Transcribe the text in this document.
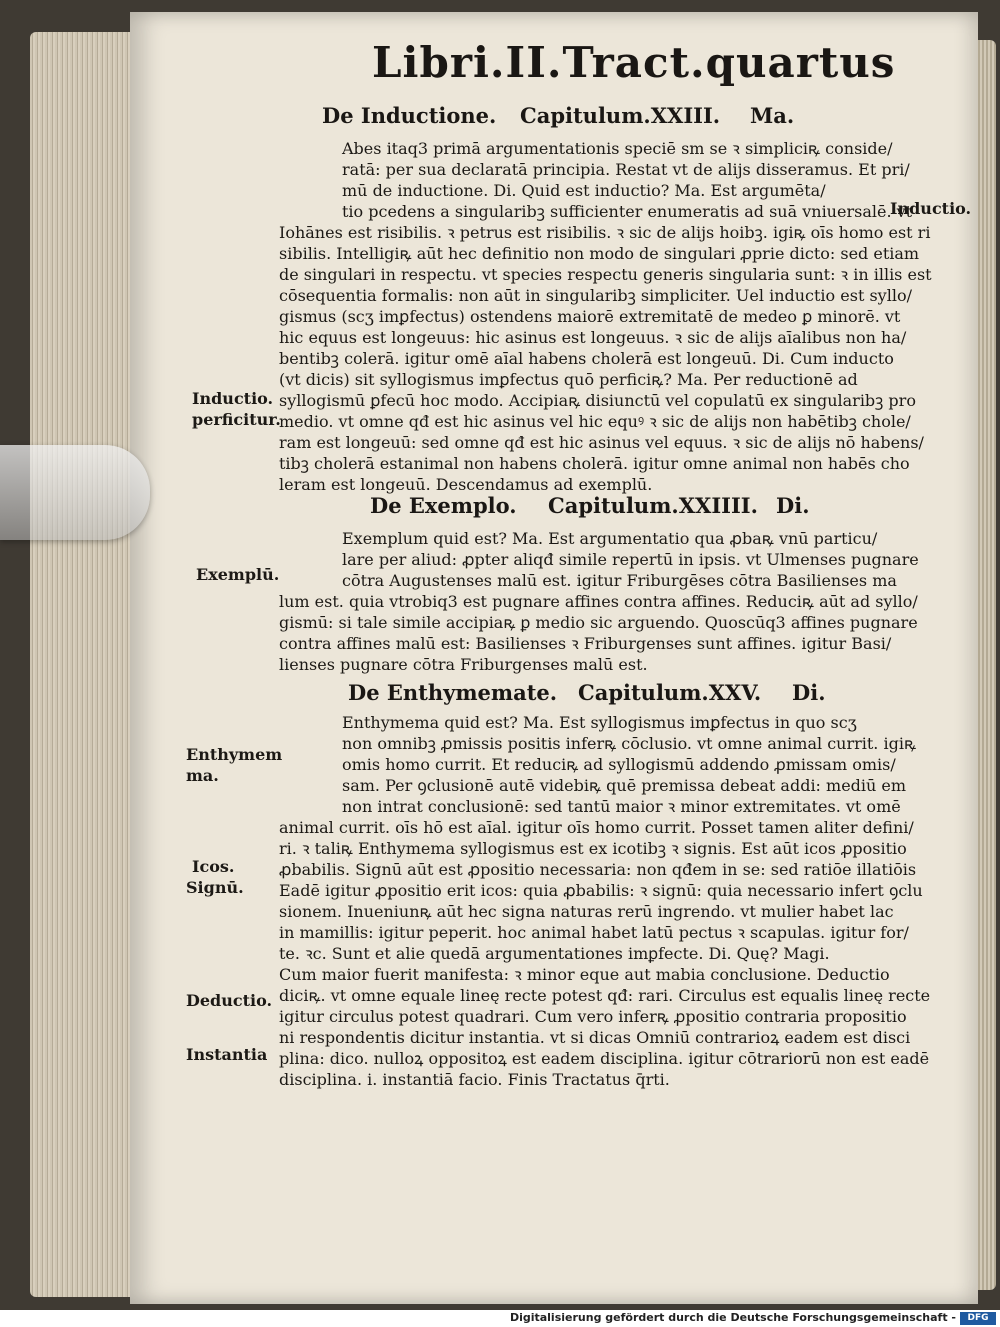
Libri.II.Tract.quartus
De Inductione. Capitulum.XXIII. Ma.
De Exemplo. Capitulum.XXIIII. Di.
De Enthymemate. Capitulum.XXV. Di.
Abes itaq3 primā argumentationis speciē sm se ꝛ simpliciꝶ conside/
ratā: per sua declaratā principia. Restat vt de alijs disseramus. Et pri/
mū de inductione. Di. Quid est inductio? Ma. Est argumēta/
tio pcedens a singularibꝫ sufficienter enumeratis ad suā vniuersalē. vt
Iohānes est risibilis. ꝛ petrus est risibilis. ꝛ sic de alijs hoibꝫ. igiꝶ oīs homo est ri
sibilis. Intelligiꝶ aūt hec definitio non modo de singulari ꝓprie dicto: sed etiam
de singulari in respectu. vt species respectu generis singularia sunt: ꝛ in illis est
cōsequentia formalis: non aūt in singularibꝫ simpliciter. Uel inductio est syllo/
gismus (scʒ imꝑfectus) ostendens maiorē extremitatē de medeo ꝑ minorē. vt
hic equus est longeuus: hic asinus est longeuus. ꝛ sic de alijs aīalibus non ha/
bentibꝫ colerā. igitur omē aīal habens cholerā est longeuū. Di. Cum inducto
(vt dicis) sit syllogismus imꝑfectus quō perficiꝶ? Ma. Per reductionē ad
syllogismū ꝑfecū hoc modo. Accipiaꝶ disiunctū vel copulatū ex singularibꝫ pro
medio. vt omne qđ est hic asinus vel hic equꝰ ꝛ sic de alijs non habētibꝫ chole/
ram est longeuū: sed omne qđ est hic asinus vel equus. ꝛ sic de alijs nō habens/
tibꝫ cholerā estanimal non habens cholerā. igitur omne animal non habēs cho
leram est longeuū. Descendamus ad exemplū.
Exemplum quid est? Ma. Est argumentatio qua ꝓbaꝶ vnū particu/
lare per aliud: ꝓpter aliqđ simile repertū in ipsis. vt Ulmenses pugnare
cōtra Augustenses malū est. igitur Friburgēses cōtra Basilienses ma
lum est. quia vtrobiq3 est pugnare affines contra affines. Reduciꝶ aūt ad syllo/
gismū: si tale simile accipiaꝶ ꝑ medio sic arguendo. Quoscūq3 affines pugnare
contra affines malū est: Basilienses ꝛ Friburgenses sunt affines. igitur Basi/
lienses pugnare cōtra Friburgenses malū est.
Enthymema quid est? Ma. Est syllogismus imꝑfectus in quo scʒ
non omnibꝫ ꝓmissis positis inferꝶ cōclusio. vt omne animal currit. igiꝶ
omis homo currit. Et reduciꝶ ad syllogismū addendo ꝓmissam omis/
sam. Per ꝯclusionē autē videbiꝶ quē premissa debeat addi: mediū em
non intrat conclusionē: sed tantū maior ꝛ minor extremitates. vt omē
animal currit. oīs hō est aīal. igitur oīs homo currit. Posset tamen aliter defini/
ri. ꝛ taliꝶ Enthymema syllogismus est ex icotibꝫ ꝛ signis. Est aūt icos ꝓpositio
ꝓbabilis. Signū aūt est ꝓpositio necessaria: non qđem in se: sed ratiōe illatiōis
Eadē igitur ꝓpositio erit icos: quia ꝓbabilis: ꝛ signū: quia necessario infert ꝯclu
sionem. Inueniunꝶ aūt hec signa naturas rerū ingrendo. vt mulier habet lac
in mamillis: igitur peperit. hoc animal habet latū pectus ꝛ scapulas. igitur for/
te. ꝛc. Sunt et alie quedā argumentationes imꝑfecte. Di. Quę? Magi.
Cum maior fuerit manifesta: ꝛ minor eque aut mabia conclusione. Deductio
diciꝶ. vt omne equale lineę recte potest qđ: rari. Circulus est equalis lineę recte
igitur circulus potest quadrari. Cum vero inferꝶ ꝓpositio contraria propositio
ni respondentis dicitur instantia. vt si dicas Omniū contrarioꝝ eadem est disci
plina: dico. nulloꝝ oppositoꝝ est eadem disciplina. igitur cōtrariorū non est eadē
disciplina. i. instantiā facio. Finis Tractatus q̄rti.
Inductio.
Inductio.
perficitur.
Exemplū.
Enthymem
ma.
Icos.
Signū.
Deductio.
Instantia
Digitalisierung gefördert durch die Deutsche Forschungsgemeinschaft -	DFG
